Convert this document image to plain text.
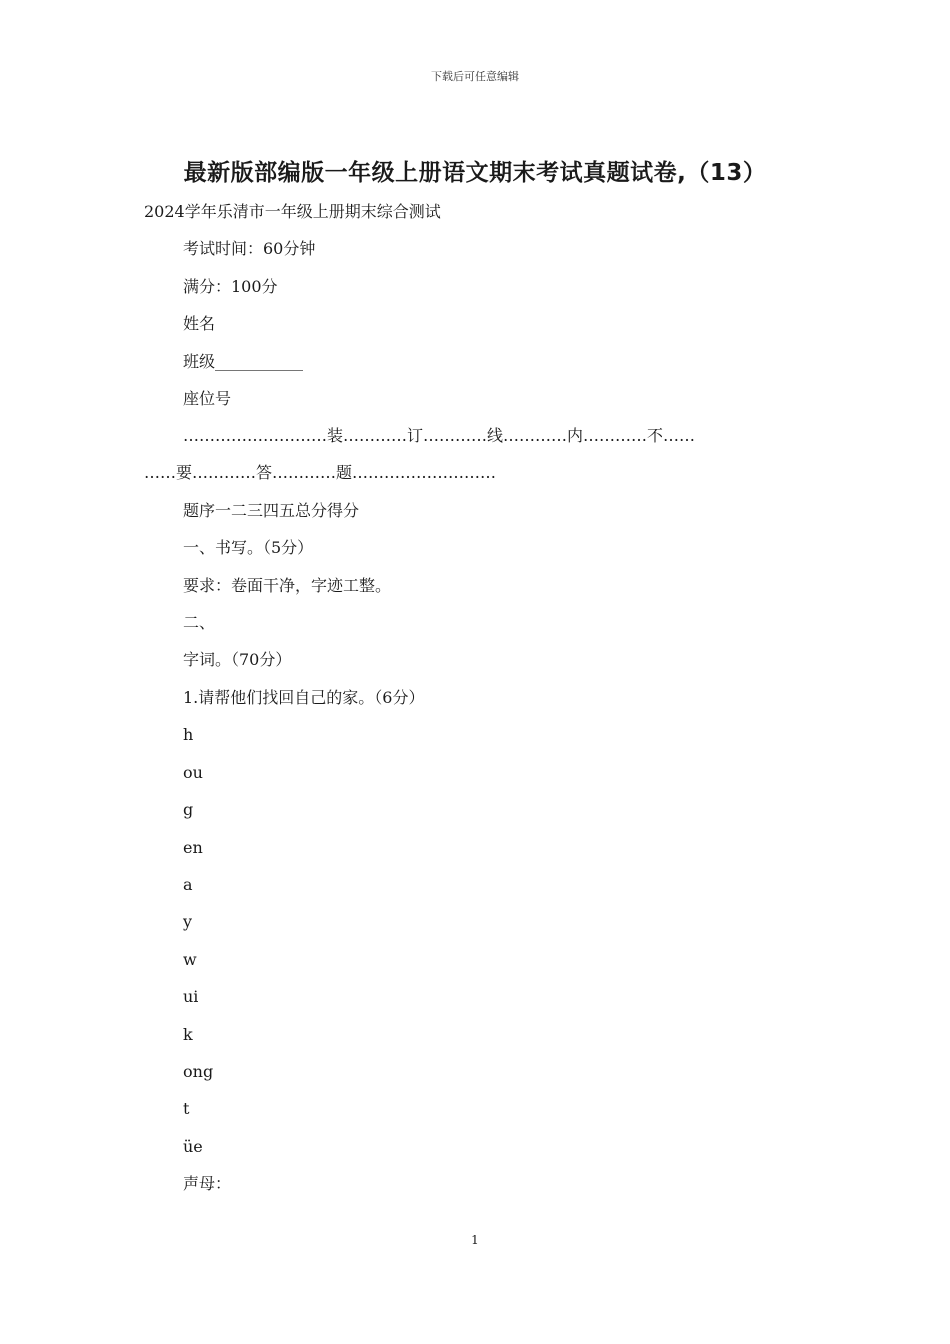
下载后可任意编辑
最新版部编版一年级上册语文期末考试真题试卷,（13）
2024学年乐清市一年级上册期末综合测试
考试时间：60分钟
满分：100分
姓名
班级___________
座位号
………………………装…………订…………线…………内…………不……
……要…………答…………题………………………
题序一二三四五总分得分
一、书写。（5分）
要求：卷面干净，字迹工整。
二、
字词。（70分）
1.请帮他们找回自己的家。（6分）
h
ou
g
en
a
y
w
ui
k
ong
t
üe
声母：
1
